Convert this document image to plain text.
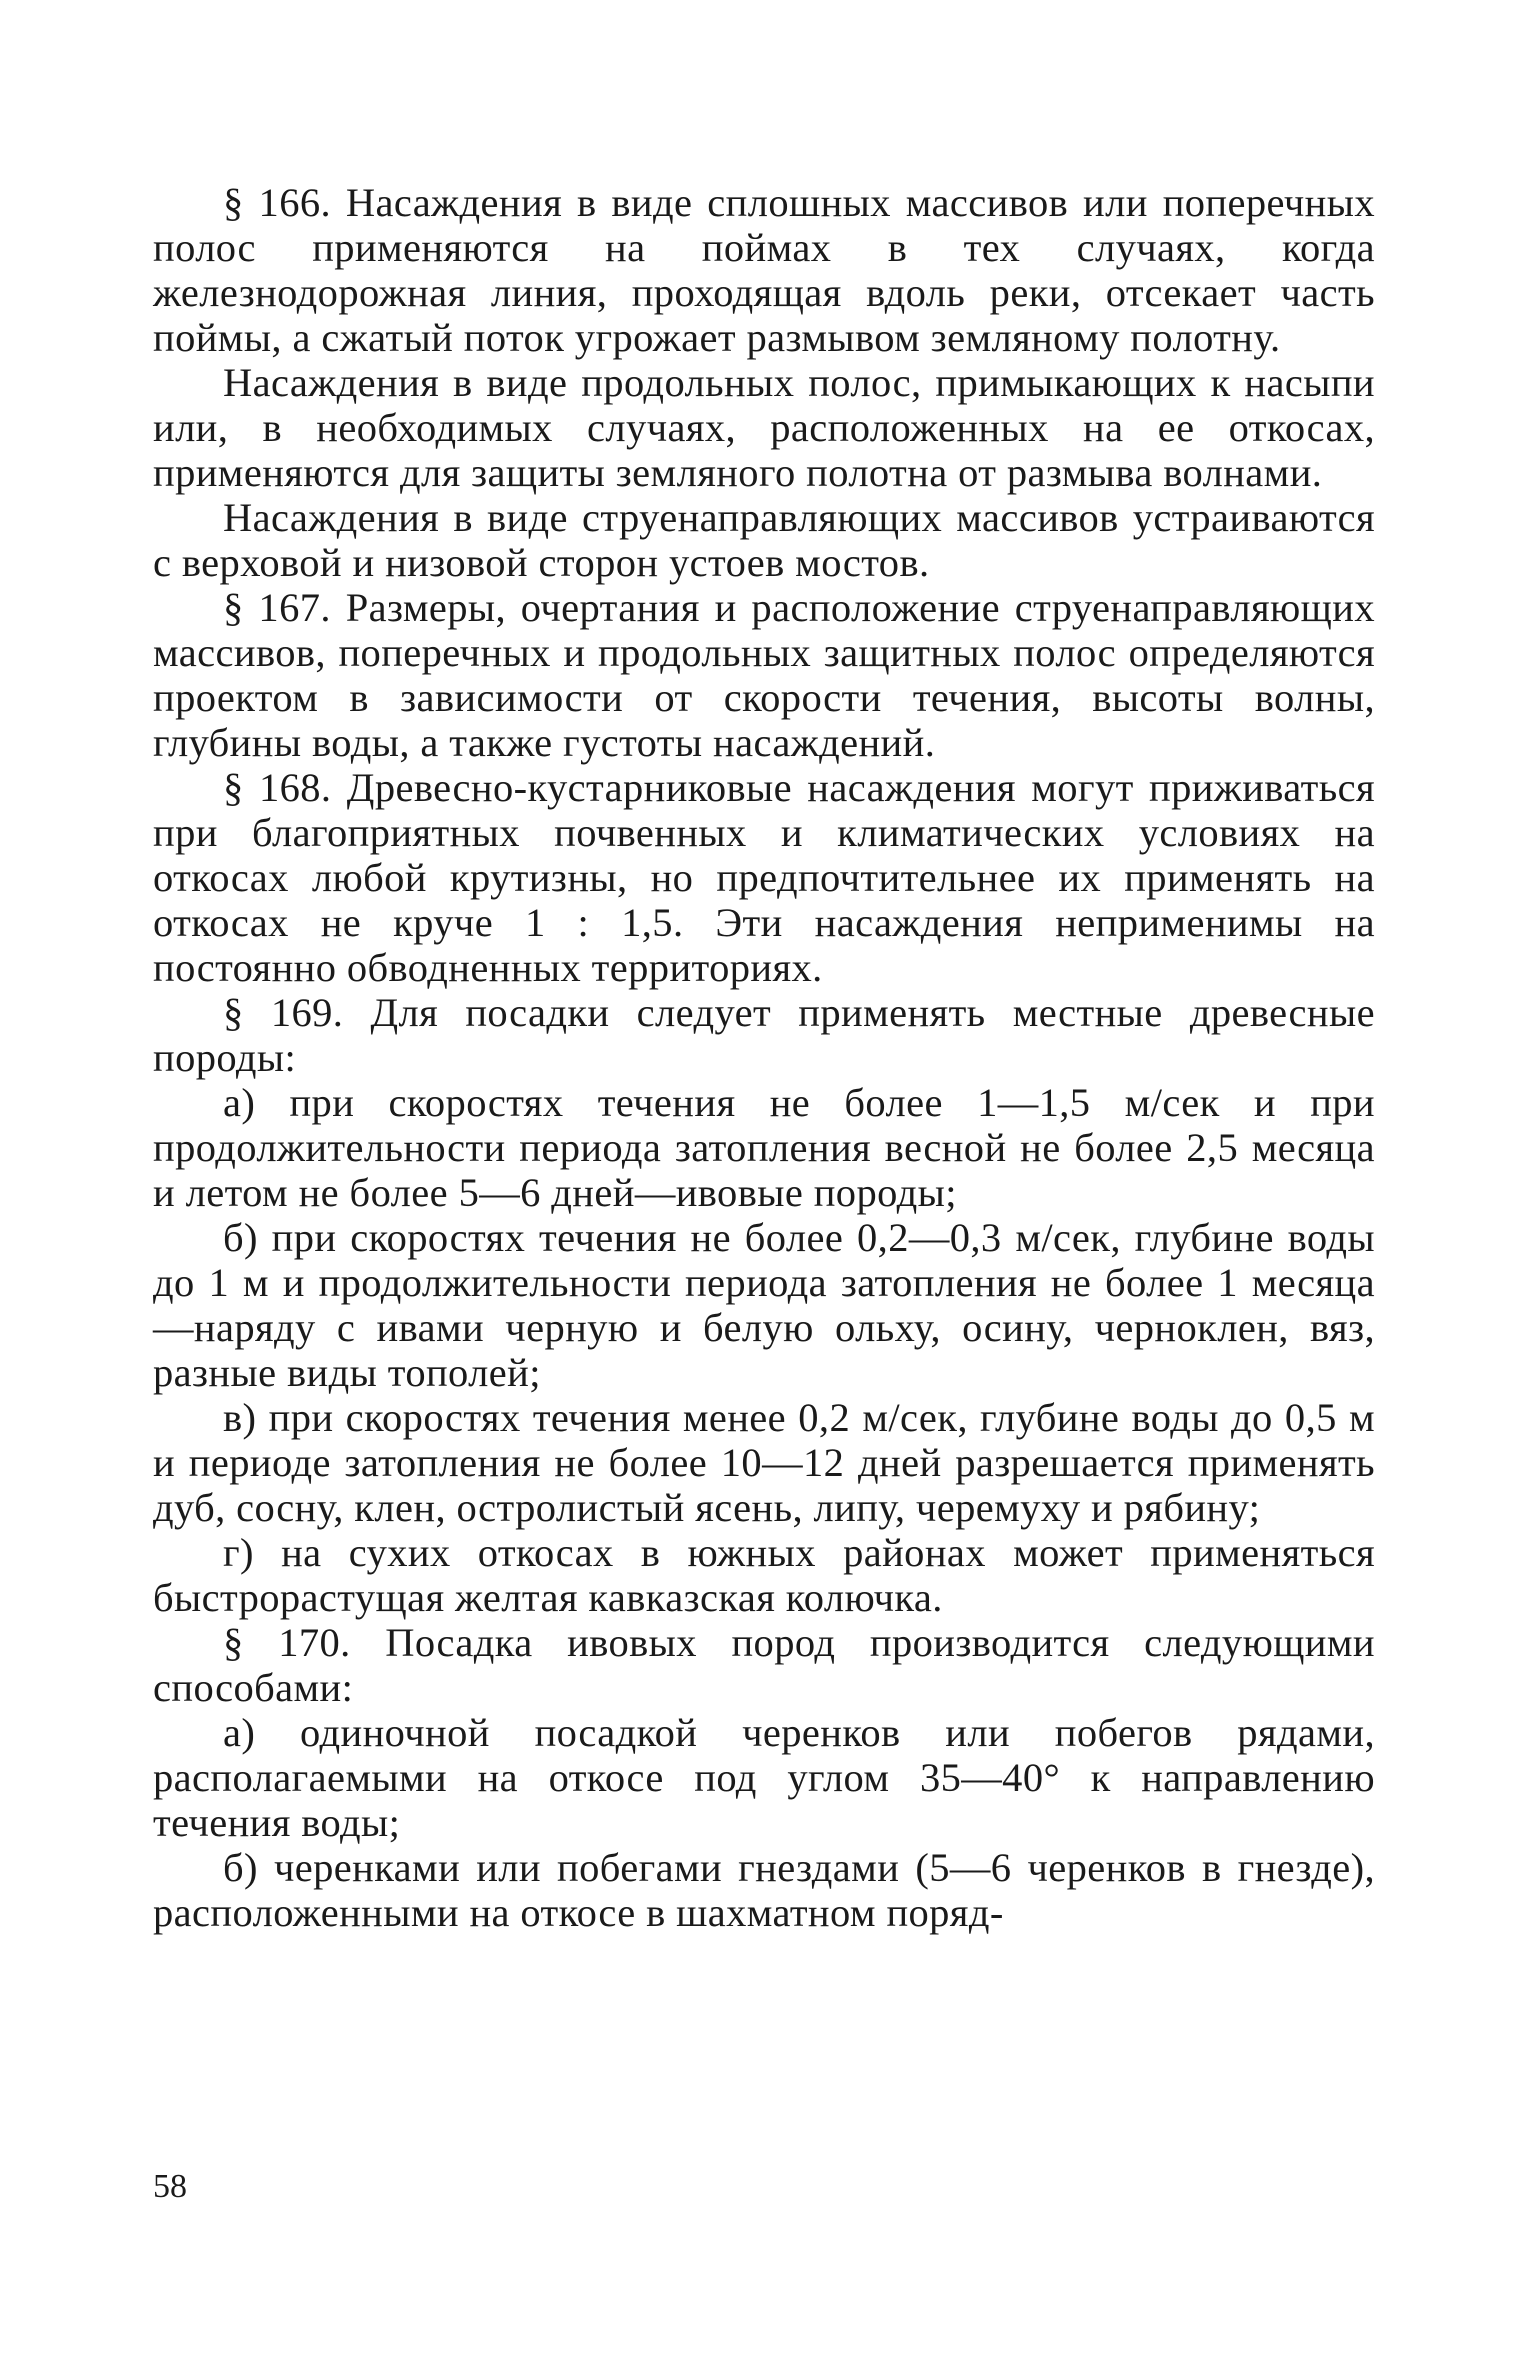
§ 166. Насаждения в виде сплошных массивов или поперечных полос применяются на поймах в тех случаях, когда железнодорожная линия, проходящая вдоль реки, отсекает часть поймы, а сжатый поток угрожает размывом земляному полотну.

Насаждения в виде продольных полос, примыкающих к насыпи или, в необходимых случаях, расположенных на ее откосах, применяются для защиты земляного полотна от размыва волнами.

Насаждения в виде струенаправляющих массивов устраиваются с верховой и низовой сторон устоев мостов.

§ 167. Размеры, очертания и расположение струенаправляющих массивов, поперечных и продольных защитных полос определяются проектом в зависимости от скорости течения, высоты волны, глубины воды, а также густоты насаждений.

§ 168. Древесно-кустарниковые насаждения могут приживаться при благоприятных почвенных и климатических условиях на откосах любой крутизны, но предпочтительнее их применять на откосах не круче 1 : 1,5. Эти насаждения неприменимы на постоянно обводненных территориях.

§ 169. Для посадки следует применять местные древесные породы:

а) при скоростях течения не более 1—1,5 м/сек и при продолжительности периода затопления весной не более 2,5 месяца и летом не более 5—6 дней—ивовые породы;

б) при скоростях течения не более 0,2—0,3 м/сек, глубине воды до 1 м и продолжительности периода затопления не более 1 месяца—наряду с ивами черную и белую ольху, осину, чернoклен, вяз, разные виды тополей;

в) при скоростях течения менее 0,2 м/сек, глубине воды до 0,5 м и периоде затопления не более 10—12 дней разрешается применять дуб, сосну, клен, остролистый ясень, липу, черемуху и рябину;

г) на сухих откосах в южных районах может применяться быстрорастущая желтая кавказская колючка.

§ 170. Посадка ивовых пород производится следующими способами:

а) одиночной посадкой черенков или побегов рядами, располагаемыми на откосе под углом 35—40° к направлению течения воды;

б) черенками или побегами гнездами (5—6 черенков в гнезде), расположенными на откосе в шахматном поряд-

58
